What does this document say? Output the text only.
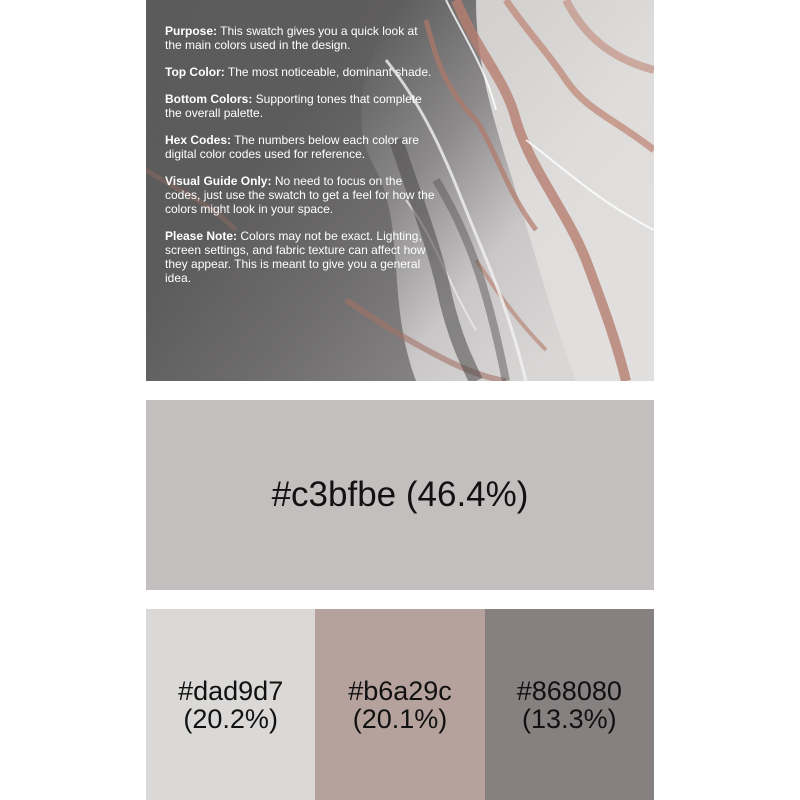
Purpose: This swatch gives you a quick look at the main colors used in the design.

Top Color: The most noticeable, dominant shade.

Bottom Colors: Supporting tones that complete the overall palette.

Hex Codes: The numbers below each color are digital color codes used for reference.

Visual Guide Only: No need to focus on the codes, just use the swatch to get a feel for how the colors might look in your space.

Please Note: Colors may not be exact. Lighting, screen settings, and fabric texture can affect how they appear. This is meant to give you a general idea.

#c3bfbe (46.4%)
#dad9d7
(20.2%)
#b6a29c
(20.1%)
#868080
(13.3%)
